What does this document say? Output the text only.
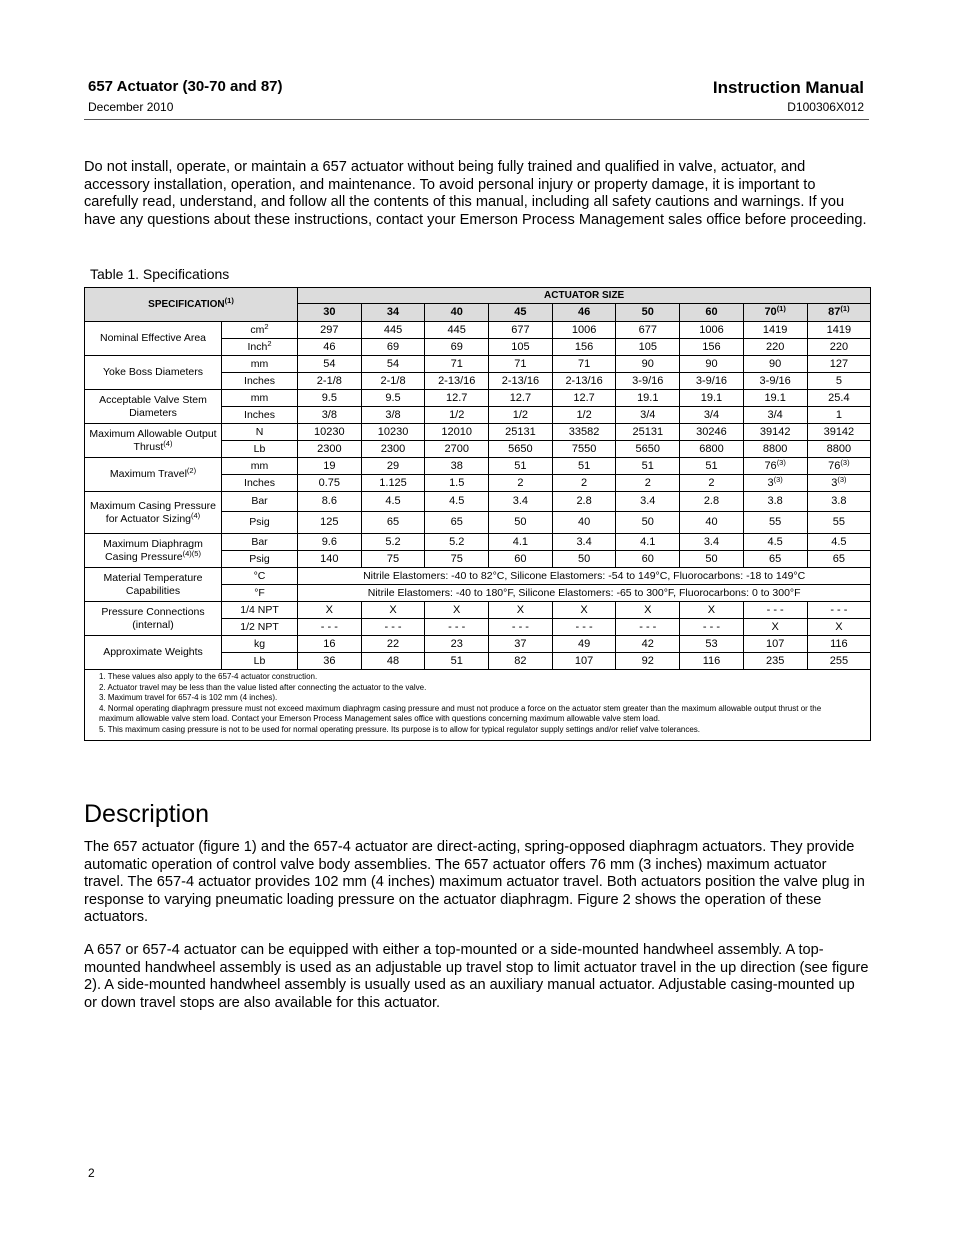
657 Actuator (30-70 and 87)
December 2010
Instruction Manual
D100306X012

Do not install, operate, or maintain a 657 actuator without being fully trained and qualified in valve, actuator, and accessory installation, operation, and maintenance. To avoid personal injury or property damage, it is important to carefully read, understand, and follow all the contents of this manual, including all safety cautions and warnings. If you have any questions about these instructions, contact your Emerson Process Management sales office before proceeding.

Table 1. Specifications
SPECIFICATION$^{(1)}$		ACTUATOR SIZE								
		30	34	40	45	46	50	60	70$^{(1)}$	87$^{(1)}$
Nominal Effective Area	$cm^2$	297	445	445	677	1006	677	1006	1419	1419
	Inch$^2$	46	69	69	105	156	105	156	220	220
Yoke Boss Diameters	mm	54	54	71	71	71	90	90	90	127
	Inches	2-1/8	2-1/8	2-13/16	2-13/16	2-13/16	3-9/16	3-9/16	3-9/16	5
Acceptable Valve Stem Diameters	mm	9.5	9.5	12.7	12.7	12.7	19.1	19.1	19.1	25.4
	Inches	3/8	3/8	1/2	1/2	1/2	3/4	3/4	3/4	1
Maximum Allowable Output Thrust$^{(4)}$	N	10230	10230	12010	25131	33582	25131	30246	39142	39142
	Lb	2300	2300	2700	5650	7550	5650	6800	8800	8800
Maximum Travel$^{(2)}$	mm	19	29	38	51	51	51	51	76$^{(3)}$	76$^{(3)}$
	Inches	0.75	1.125	1.5	2	2	2	2	3$^{(3)}$	3$^{(3)}$
Maximum Casing Pressure for Actuator Sizing$^{(4)}$	Bar	8.6	4.5	4.5	3.4	2.8	3.4	2.8	3.8	3.8
	Psig	125	65	65	50	40	50	40	55	55
Maximum Diaphragm Casing Pressure$^{(4)(5)}$	Bar	9.6	5.2	5.2	4.1	3.4	4.1	3.4	4.5	4.5
	Psig	140	75	75	60	50	60	50	65	65
Material Temperature Capabilities	°C	Nitrile Elastomers: -40 to 82°C, Silicone Elastomers: -54 to 149°C, Fluorocarbons: -18 to 149°C								
	°F	Nitrile Elastomers: -40 to 180°F, Silicone Elastomers: -65 to 300°F, Fluorocarbons: 0 to 300°F								
Pressure Connections (internal)	1/4 NPT	X	X	X	X	X	X	X	- - -	- - -
	1/2 NPT	- - -	- - -	- - -	- - -	- - -	- - -	- - -	X	X
Approximate Weights	kg	16	22	23	37	49	42	53	107	116
	Lb	36	48	51	82	107	92	116	235	255

1. These values also apply to the 657-4 actuator construction.
2. Actuator travel may be less than the value listed after connecting the actuator to the valve.
3. Maximum travel for 657-4 is 102 mm (4 inches).
4. Normal operating diaphragm pressure must not exceed maximum diaphragm casing pressure and must not produce a force on the actuator stem greater than the maximum allowable output thrust or the maximum allowable valve stem load. Contact your Emerson Process Management sales office with questions concerning maximum allowable valve stem load.
5. This maximum casing pressure is not to be used for normal operating pressure. Its purpose is to allow for typical regulator supply settings and/or relief valve tolerances.										
Description

The 657 actuator (figure 1) and the 657-4 actuator are direct-acting, spring-opposed diaphragm actuators. They provide automatic operation of control valve body assemblies. The 657 actuator offers 76 mm (3 inches) maximum actuator travel. The 657-4 actuator provides 102 mm (4 inches) maximum actuator travel. Both actuators position the valve plug in response to varying pneumatic loading pressure on the actuator diaphragm. Figure 2 shows the operation of these actuators.

A 657 or 657-4 actuator can be equipped with either a top-mounted or a side-mounted handwheel assembly. A top-mounted handwheel assembly is used as an adjustable up travel stop to limit actuator travel in the up direction (see figure 2). A side-mounted handwheel assembly is usually used as an auxiliary manual actuator. Adjustable casing-mounted up or down travel stops are also available for this actuator.

2
